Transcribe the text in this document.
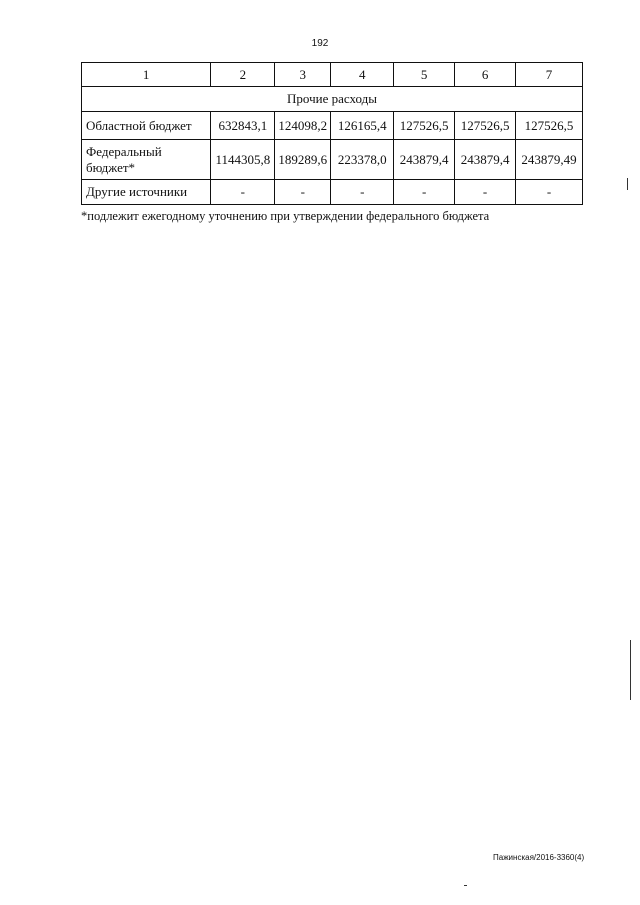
192
1	2	3	4	5	6	7
Прочие расходы						
Областной бюджет	632843,1	124098,2	126165,4	127526,5	127526,5	127526,5
Федеральный
бюджет*	1144305,8	189289,6	223378,0	243879,4	243879,4	243879,49
Другие источники	-	-	-	-	-	-
*подлежит ежегодному уточнению при утверждении федерального бюджета
Пажинская/2016-3360(4)
